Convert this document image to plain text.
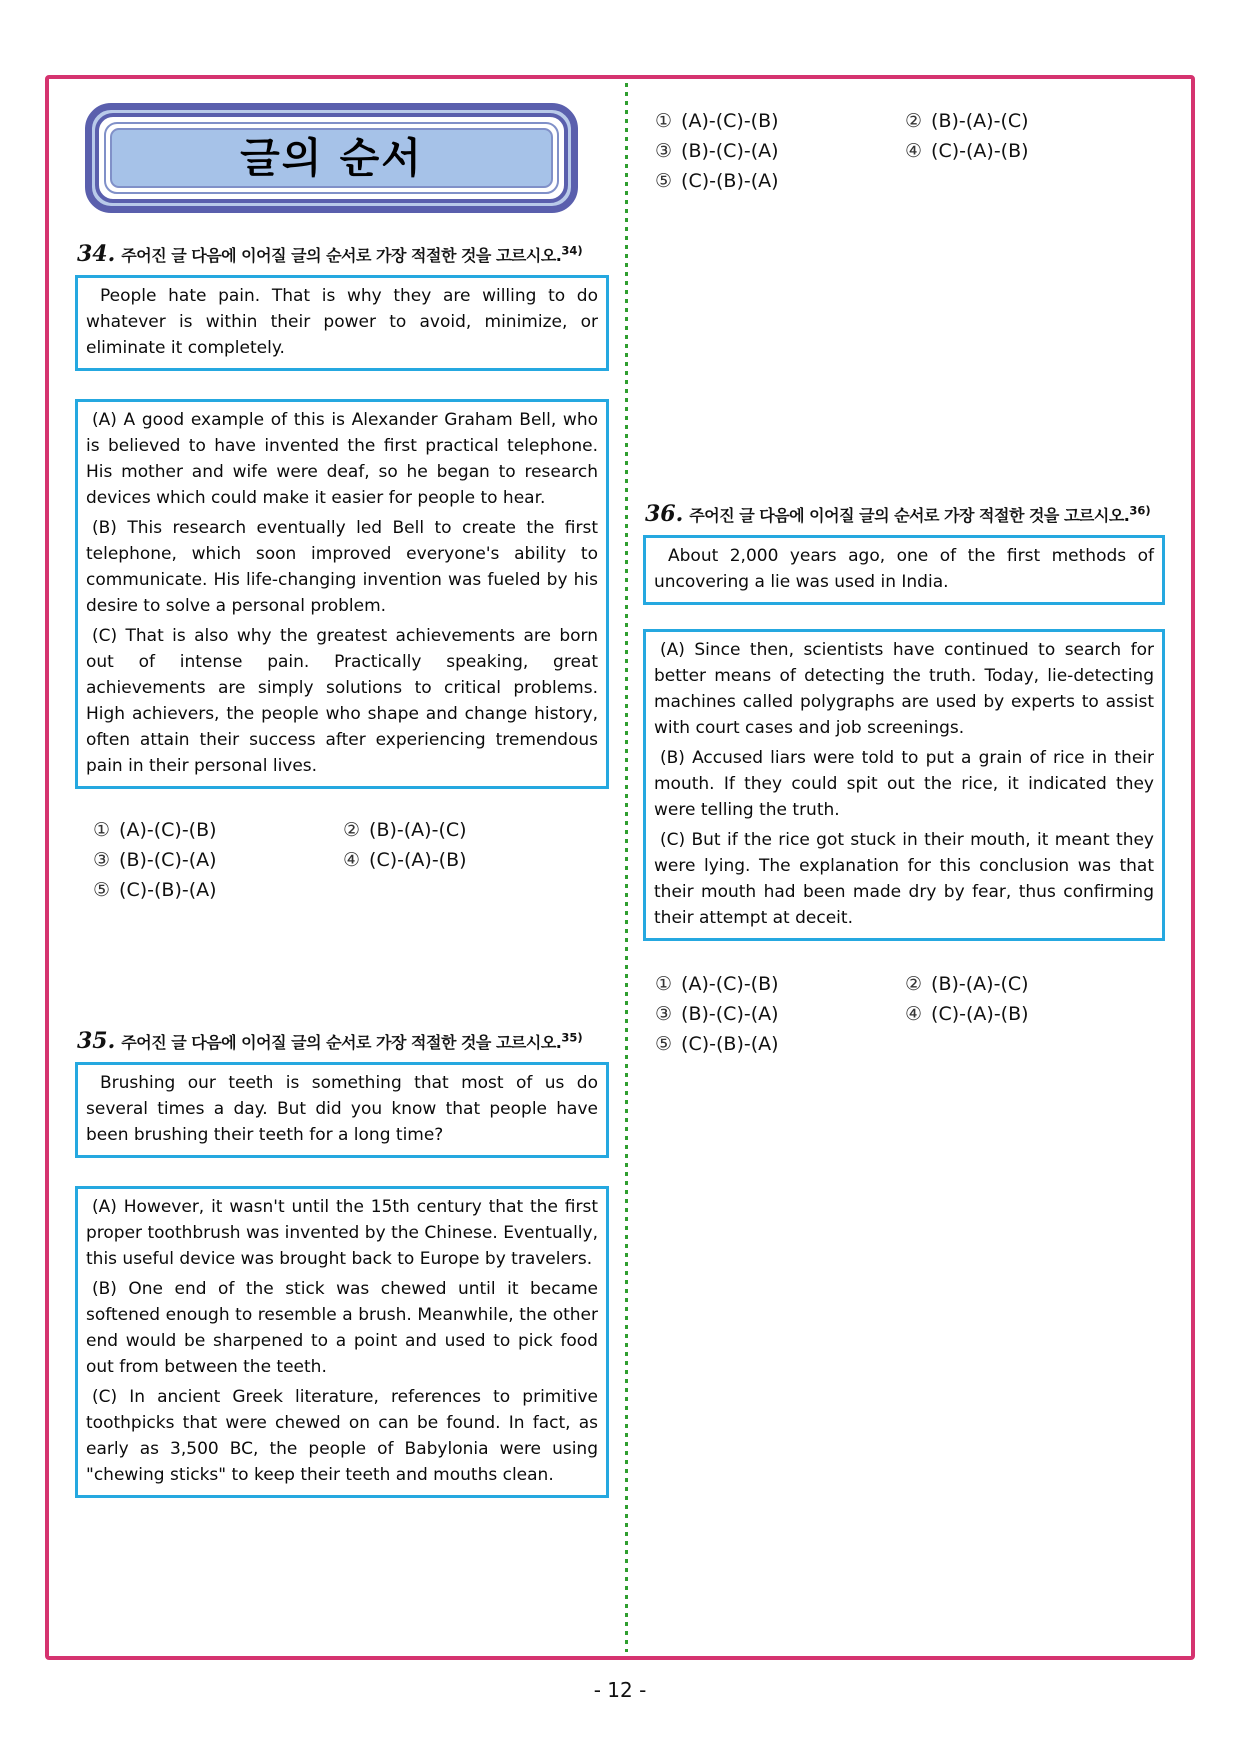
글의 순서
34. 주어진 글 다음에 이어질 글의 순서로 가장 적절한 것을 고르시오.$^{34)}$

People hate pain. That is why they are willing to do whatever is within their power to avoid, minimize, or eliminate it completely.

(A) A good example of this is Alexander Graham Bell, who is believed to have invented the first practical telephone. His mother and wife were deaf, so he began to research devices which could make it easier for people to hear.

(B) This research eventually led Bell to create the first telephone, which soon improved everyone's ability to communicate. His life-changing invention was fueled by his desire to solve a personal problem.

(C) That is also why the greatest achievements are born out of intense pain. Practically speaking, great achievements are simply solutions to critical problems. High achievers, the people who shape and change history, often attain their success after experiencing tremendous pain in their personal lives.

① (A)-(C)-(B)	② (B)-(A)-(C)
③ (B)-(C)-(A)	④ (C)-(A)-(B)
⑤ (C)-(B)-(A)
35. 주어진 글 다음에 이어질 글의 순서로 가장 적절한 것을 고르시오.$^{35)}$

Brushing our teeth is something that most of us do several times a day. But did you know that people have been brushing their teeth for a long time?

(A) However, it wasn't until the 15th century that the first proper toothbrush was invented by the Chinese. Eventually, this useful device was brought back to Europe by travelers.

(B) One end of the stick was chewed until it became softened enough to resemble a brush. Meanwhile, the other end would be sharpened to a point and used to pick food out from between the teeth.

(C) In ancient Greek literature, references to primitive toothpicks that were chewed on can be found. In fact, as early as 3,500 BC, the people of Babylonia were using "chewing sticks" to keep their teeth and mouths clean.

① (A)-(C)-(B)	② (B)-(A)-(C)
③ (B)-(C)-(A)	④ (C)-(A)-(B)
⑤ (C)-(B)-(A)
36. 주어진 글 다음에 이어질 글의 순서로 가장 적절한 것을 고르시오.$^{36)}$

About 2,000 years ago, one of the first methods of uncovering a lie was used in India.

(A) Since then, scientists have continued to search for better means of detecting the truth. Today, lie-detecting machines called polygraphs are used by experts to assist with court cases and job screenings.

(B) Accused liars were told to put a grain of rice in their mouth. If they could spit out the rice, it indicated they were telling the truth.

(C) But if the rice got stuck in their mouth, it meant they were lying. The explanation for this conclusion was that their mouth had been made dry by fear, thus confirming their attempt at deceit.

① (A)-(C)-(B)	② (B)-(A)-(C)
③ (B)-(C)-(A)	④ (C)-(A)-(B)
⑤ (C)-(B)-(A)
- 12 -
